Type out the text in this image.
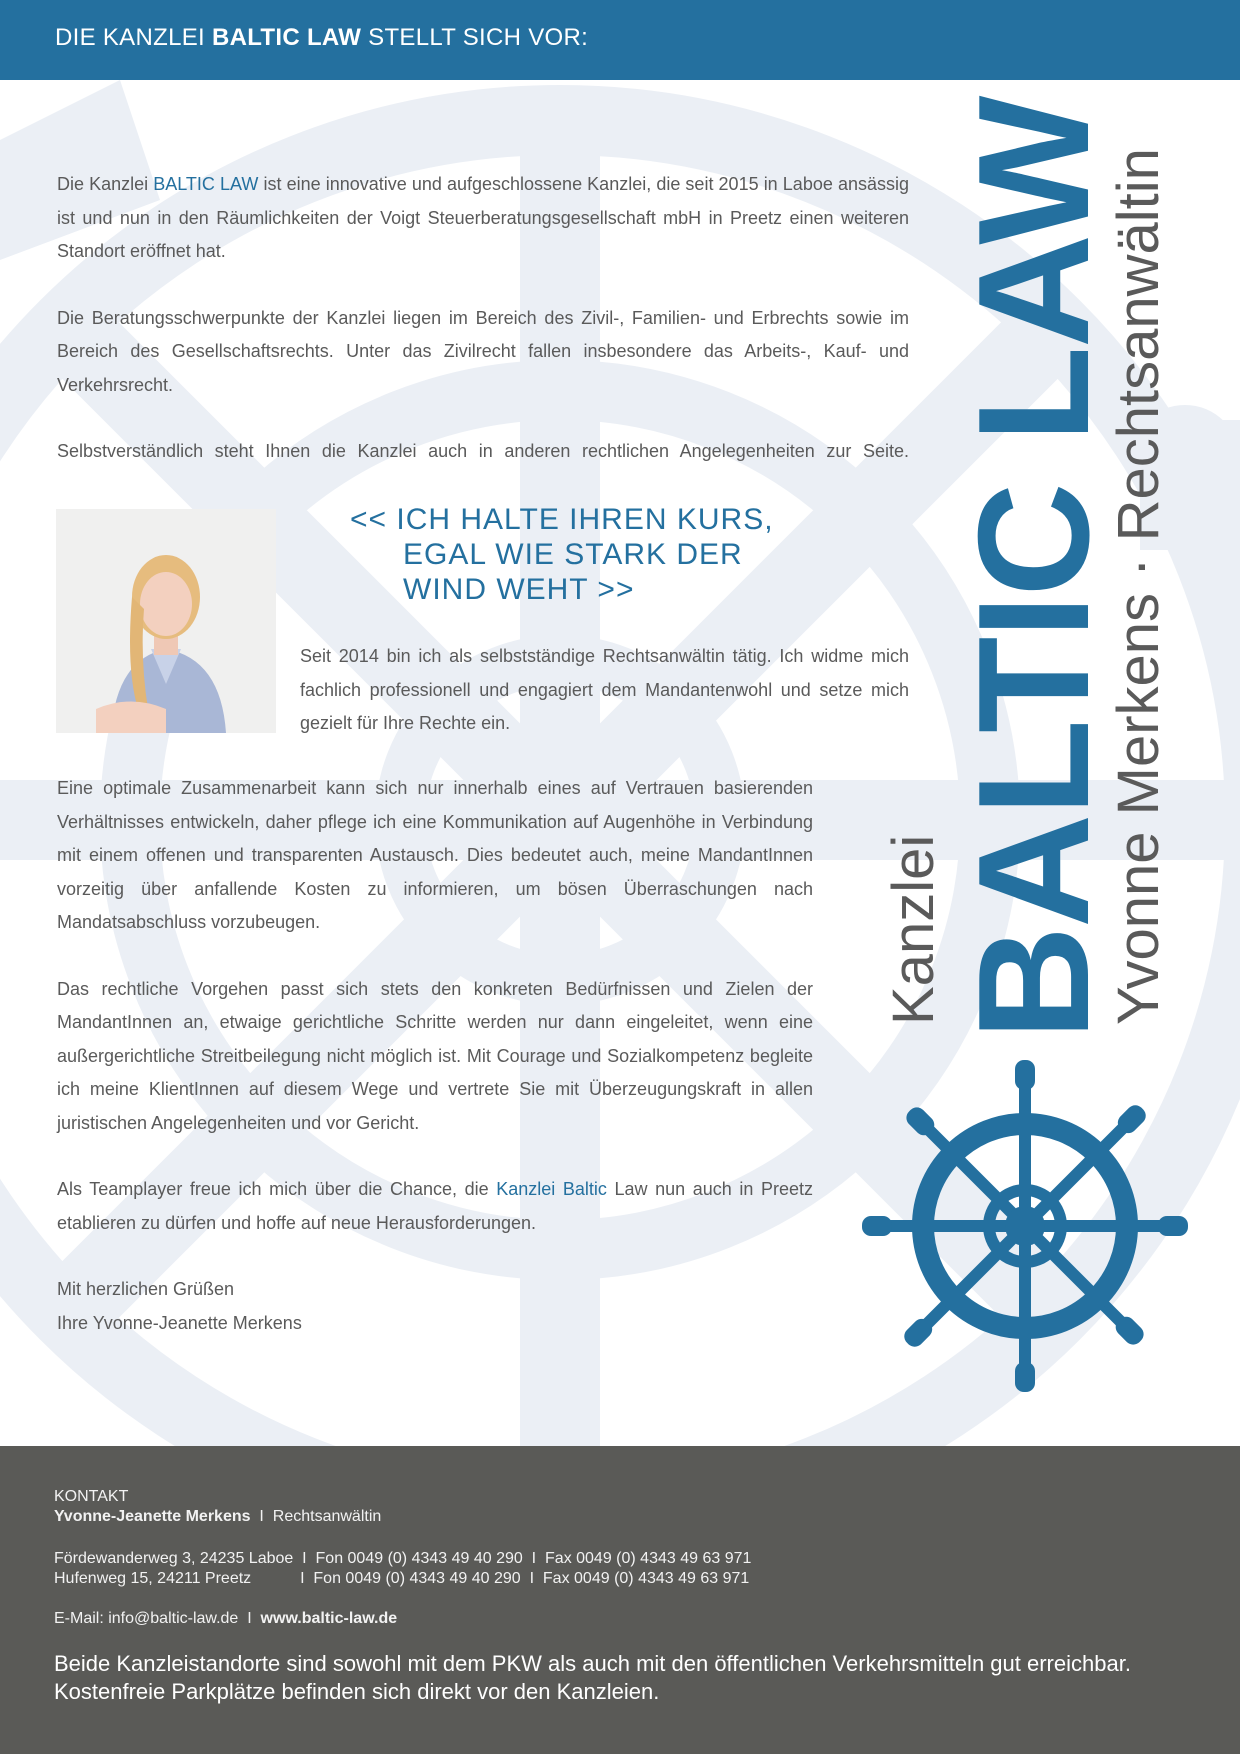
DIE KANZLEI BALTIC LAW STELLT SICH VOR:

Die Kanzlei BALTIC LAW ist eine innovative und aufgeschlossene Kanzlei, die seit 2015 in Laboe ansässig ist und nun in den Räumlichkeiten der Voigt Steuerberatungsgesellschaft mbH in Preetz einen weiteren Standort eröffnet hat.

Die Beratungsschwerpunkte der Kanzlei liegen im Bereich des Zivil-, Familien- und Erbrechts sowie im Bereich des Gesellschaftsrechts. Unter das Zivilrecht fallen insbesondere das Arbeits-, Kauf- und Verkehrsrecht.

Selbstverständlich steht Ihnen die Kanzlei auch in anderen rechtlichen Angelegenheiten zur Seite.

<< ICH HALTE IHREN KURS,
EGAL WIE STARK DER
WIND WEHT >>

Seit 2014 bin ich als selbstständige Rechtsanwältin tätig. Ich widme mich fachlich professionell und engagiert dem Mandantenwohl und setze mich gezielt für Ihre Rechte ein.

Eine optimale Zusammenarbeit kann sich nur innerhalb eines auf Vertrauen basierenden Verhältnisses entwickeln, daher pflege ich eine Kommunikation auf Augenhöhe in Verbindung mit einem offenen und transparenten Austausch. Dies bedeutet auch, meine MandantInnen vorzeitig über anfallende Kosten zu informieren, um bösen Überraschungen nach Mandatsabschluss vorzubeugen.

Das rechtliche Vorgehen passt sich stets den konkreten Bedürfnissen und Zielen der MandantInnen an, etwaige gerichtliche Schritte werden nur dann eingeleitet, wenn eine außergerichtliche Streitbeilegung nicht möglich ist. Mit Courage und Sozialkompetenz begleite ich meine KlientInnen auf diesem Wege und vertrete Sie mit Überzeugungskraft in allen juristischen Angelegenheiten und vor Gericht.

Als Teamplayer freue ich mich über die Chance, die Kanzlei Baltic Law nun auch in Preetz etablieren zu dürfen und hoffe auf neue Herausforderungen.

Mit herzlichen Grüßen
Ihre Yvonne-Jeanette Merkens
Kanzlei BALTIC LAW
Yvonne Merkens · Rechtsanwältin
KONTAKT
Yvonne-Jeanette Merkens  I  Rechtsanwältin
Fördewanderweg 3, 24235 Laboe  I  Fon 0049 (0) 4343 49 40 290  I  Fax 0049 (0) 4343 49 63 971
Hufenweg 15, 24211 Preetz           I  Fon 0049 (0) 4343 49 40 290  I  Fax 0049 (0) 4343 49 63 971
E-Mail: info@baltic-law.de  I  www.baltic-law.de
Beide Kanzleistandorte sind sowohl mit dem PKW als auch mit den öffentlichen Verkehrsmitteln gut erreichbar.
Kostenfreie Parkplätze befinden sich direkt vor den Kanzleien.
